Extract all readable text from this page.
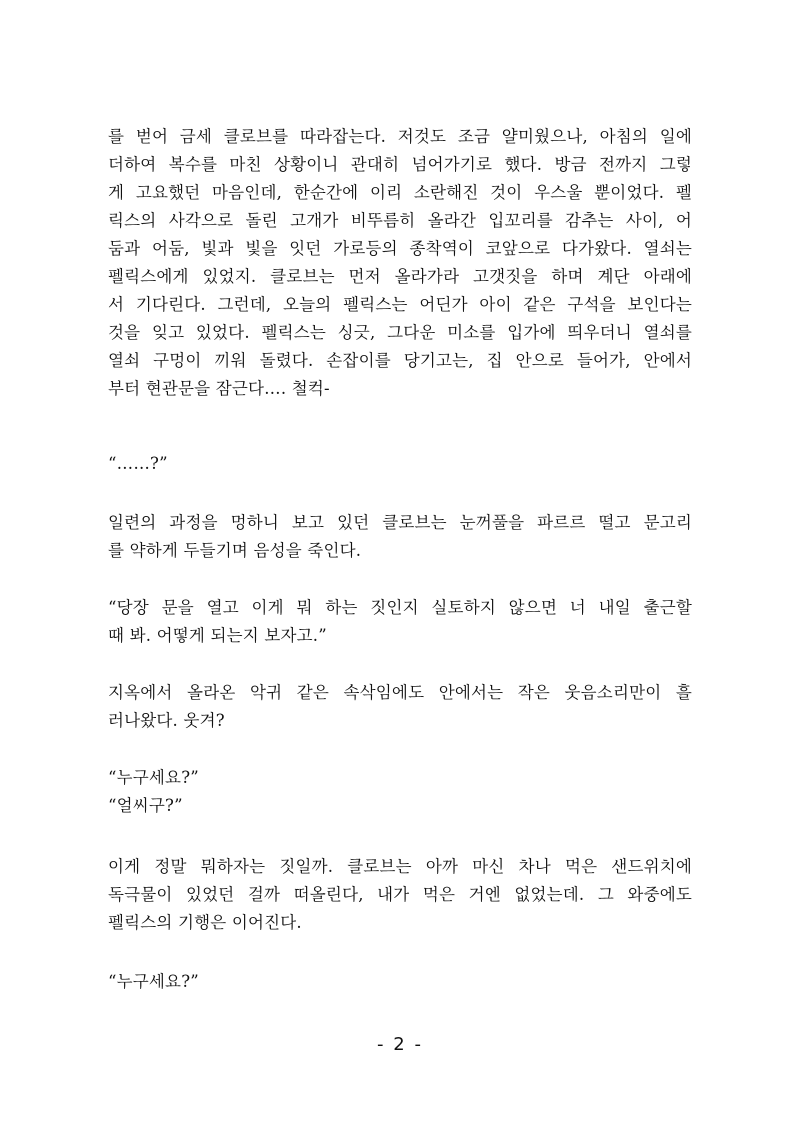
를 벋어 금세 클로브를 따라잡는다. 저것도 조금 얄미웠으나, 아침의 일에
더하여 복수를 마친 상황이니 관대히 넘어가기로 했다. 방금 전까지 그렇
게 고요했던 마음인데, 한순간에 이리 소란해진 것이 우스울 뿐이었다. 펠
릭스의 사각으로 돌린 고개가 비뚜름히 올라간 입꼬리를 감추는 사이, 어
둠과 어둠, 빛과 빛을 잇던 가로등의 종착역이 코앞으로 다가왔다. 열쇠는
펠릭스에게 있었지. 클로브는 먼저 올라가라 고갯짓을 하며 계단 아래에
서 기다린다. 그런데, 오늘의 펠릭스는 어딘가 아이 같은 구석을 보인다는
것을 잊고 있었다. 펠릭스는 싱긋, 그다운 미소를 입가에 띄우더니 열쇠를
열쇠 구멍이 끼워 돌렸다. 손잡이를 당기고는, 집 안으로 들어가, 안에서
부터 현관문을 잠근다…. 철컥-
“……?”
일련의 과정을 멍하니 보고 있던 클로브는 눈꺼풀을 파르르 떨고 문고리
를 약하게 두들기며 음성을 죽인다.
“당장 문을 열고 이게 뭐 하는 짓인지 실토하지 않으면 너 내일 출근할
때 봐. 어떻게 되는지 보자고.”
지옥에서 올라온 악귀 같은 속삭임에도 안에서는 작은 웃음소리만이 흘
러나왔다. 웃겨?
“누구세요?”
“얼씨구?”
이게 정말 뭐하자는 짓일까. 클로브는 아까 마신 차나 먹은 샌드위치에
독극물이 있었던 걸까 떠올린다, 내가 먹은 거엔 없었는데. 그 와중에도
펠릭스의 기행은 이어진다.
“누구세요?”
- 2 -
